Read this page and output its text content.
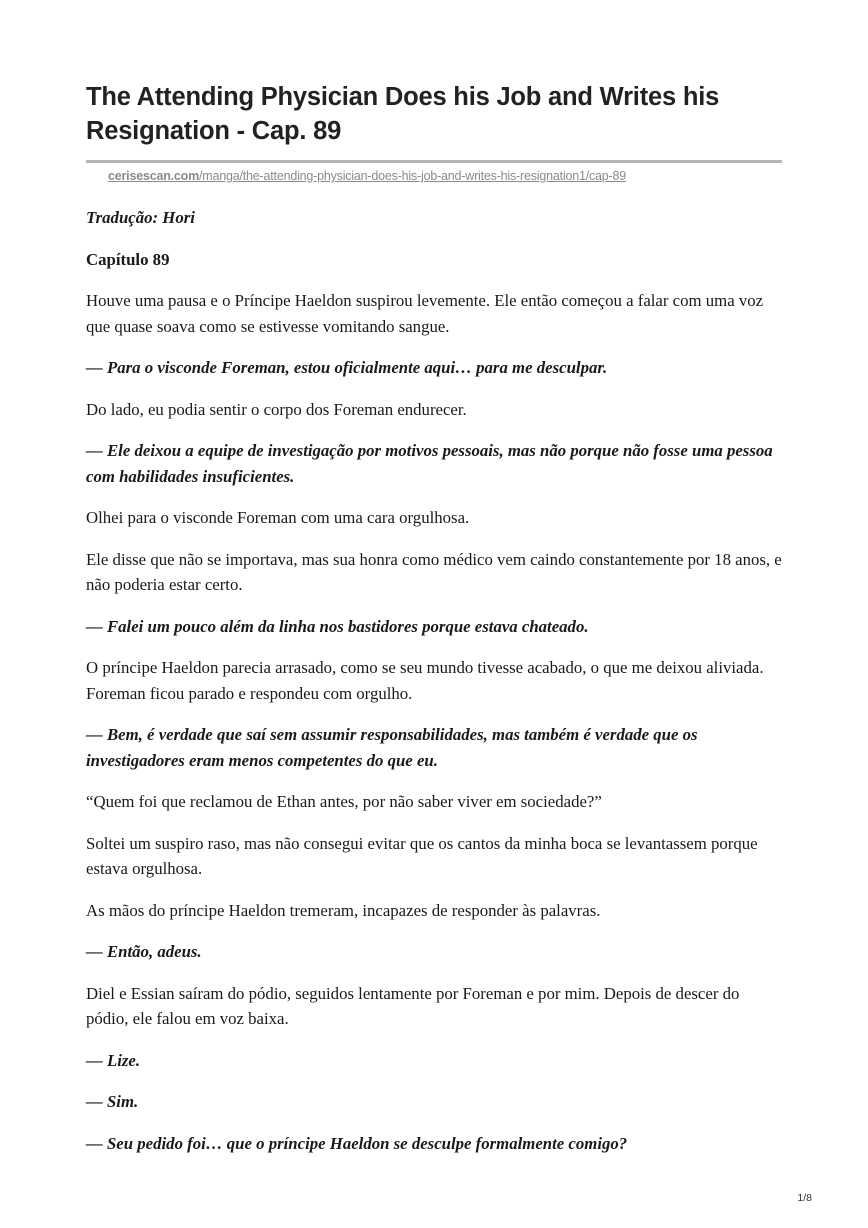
The Attending Physician Does his Job and Writes his Resignation - Cap. 89
cerisescan.com/manga/the-attending-physician-does-his-job-and-writes-his-resignation1/cap-89

Tradução: Hori

Capítulo 89

Houve uma pausa e o Príncipe Haeldon suspirou levemente. Ele então começou a falar com uma voz que quase soava como se estivesse vomitando sangue.

— Para o visconde Foreman, estou oficialmente aqui… para me desculpar.

Do lado, eu podia sentir o corpo dos Foreman endurecer.

— Ele deixou a equipe de investigação por motivos pessoais, mas não porque não fosse uma pessoa com habilidades insuficientes.

Olhei para o visconde Foreman com uma cara orgulhosa.

Ele disse que não se importava, mas sua honra como médico vem caindo constantemente por 18 anos, e não poderia estar certo.

— Falei um pouco além da linha nos bastidores porque estava chateado.

O príncipe Haeldon parecia arrasado, como se seu mundo tivesse acabado, o que me deixou aliviada. Foreman ficou parado e respondeu com orgulho.

— Bem, é verdade que saí sem assumir responsabilidades, mas também é verdade que os investigadores eram menos competentes do que eu.

“Quem foi que reclamou de Ethan antes, por não saber viver em sociedade?”

Soltei um suspiro raso, mas não consegui evitar que os cantos da minha boca se levantassem porque estava orgulhosa.

As mãos do príncipe Haeldon tremeram, incapazes de responder às palavras.

— Então, adeus.

Diel e Essian saíram do pódio, seguidos lentamente por Foreman e por mim. Depois de descer do pódio, ele falou em voz baixa.

— Lize.

— Sim.

— Seu pedido foi… que o príncipe Haeldon se desculpe formalmente comigo?

1/8
